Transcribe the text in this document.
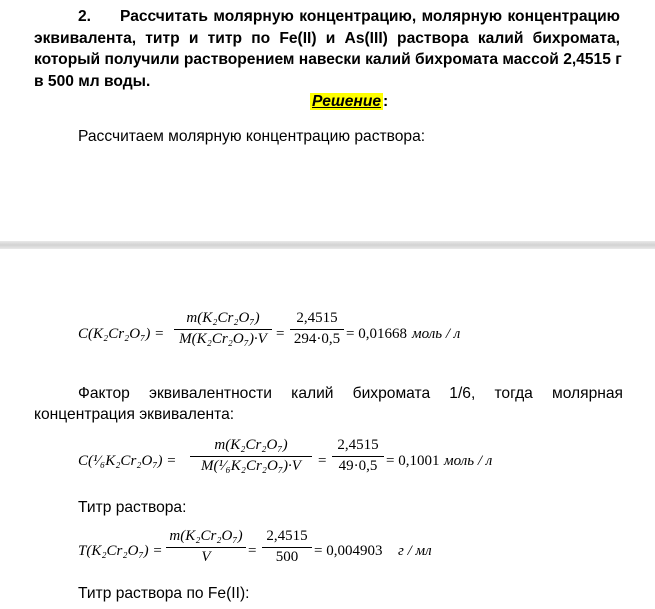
2. Рассчитать молярную концентрацию, молярную концентрацию
эквивалента, титр и титр по Fe(II) и As(III) раствора калий бихромата,
который получили растворением навески калий бихромата массой 2,4515 г
в 500 мл воды.
Решение :
Рассчитаем молярную концентрацию раствора:
C(K₂Cr₂O₇) =
m(K₂Cr₂O₇)
M(K₂Cr₂O₇)·V =
2,4515
294·0,5 = 0,01668 моль / л
Фактор эквивалентности калий бихромата 1/6, тогда молярная
концентрация эквивалента:
C(¹⁄₆K₂Cr₂O₇) =
m(K₂Cr₂O₇)
M(¹⁄₆K₂Cr₂O₇)·V	=
2,4515
49·0,5 = 0,1001 моль / л
Титр раствора:
T(K₂Cr₂O₇) =
m(K₂Cr₂O₇)
V	=
2,4515
500	= 0,004903 г / мл
Титр раствора по Fe(II):
